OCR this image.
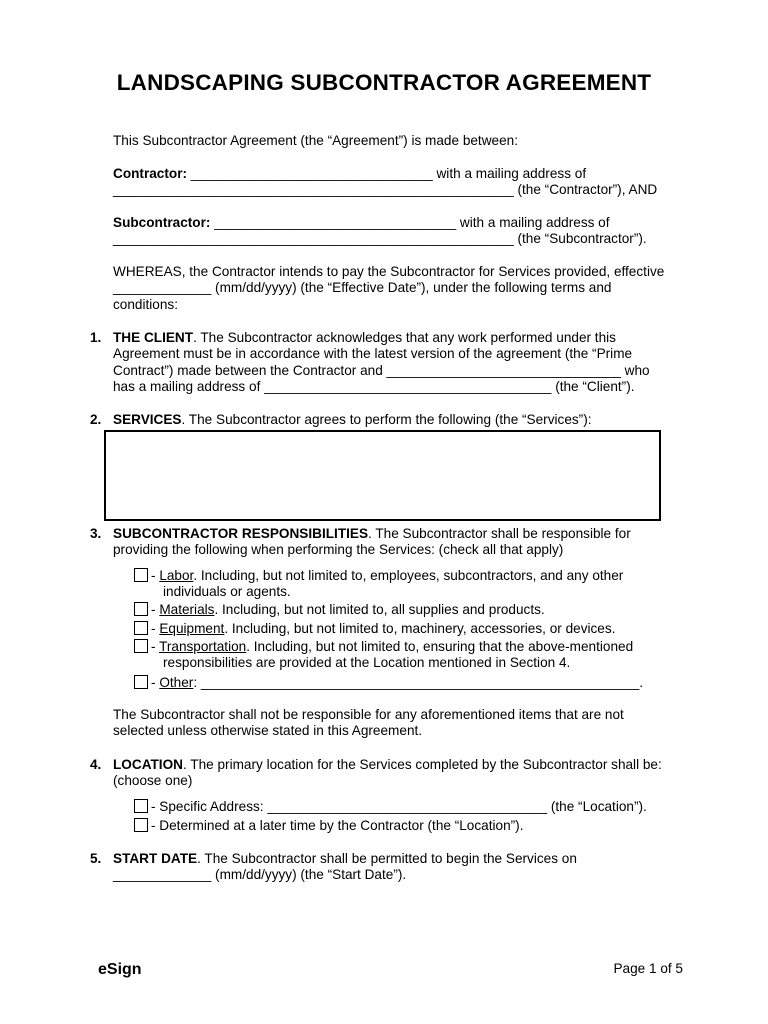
LANDSCAPING SUBCONTRACTOR AGREEMENT
This Subcontractor Agreement (the “Agreement”) is made between:
Contractor: ________________________________ with a mailing address of
_____________________________________________________ (the “Contractor”), AND
Subcontractor: ________________________________ with a mailing address of
_____________________________________________________ (the “Subcontractor”).
WHEREAS, the Contractor intends to pay the Subcontractor for Services provided, effective _____________ (mm/dd/yyyy) (the “Effective Date”), under the following terms and conditions:
1. THE CLIENT. The Subcontractor acknowledges that any work performed under this Agreement must be in accordance with the latest version of the agreement (the “Prime Contract”) made between the Contractor and _______________________________ who has a mailing address of ______________________________________ (the “Client”).
2. SERVICES. The Subcontractor agrees to perform the following (the “Services”):
3. SUBCONTRACTOR RESPONSIBILITIES. The Subcontractor shall be responsible for providing the following when performing the Services: (check all that apply)
- Labor. Including, but not limited to, employees, subcontractors, and any other
individuals or agents.
- Materials. Including, but not limited to, all supplies and products.
- Equipment. Including, but not limited to, machinery, accessories, or devices.
- Transportation. Including, but not limited to, ensuring that the above-mentioned
responsibilities are provided at the Location mentioned in Section 4.
- Other: __________________________________________________________.
The Subcontractor shall not be responsible for any aforementioned items that are not selected unless otherwise stated in this Agreement.
4. LOCATION. The primary location for the Services completed by the Subcontractor shall be: (choose one)
- Specific Address: _____________________________________ (the “Location”).
- Determined at a later time by the Contractor (the “Location”).
5. START DATE. The Subcontractor shall be permitted to begin the Services on _____________ (mm/dd/yyyy) (the “Start Date”).
eSign	Page 1 of 5
